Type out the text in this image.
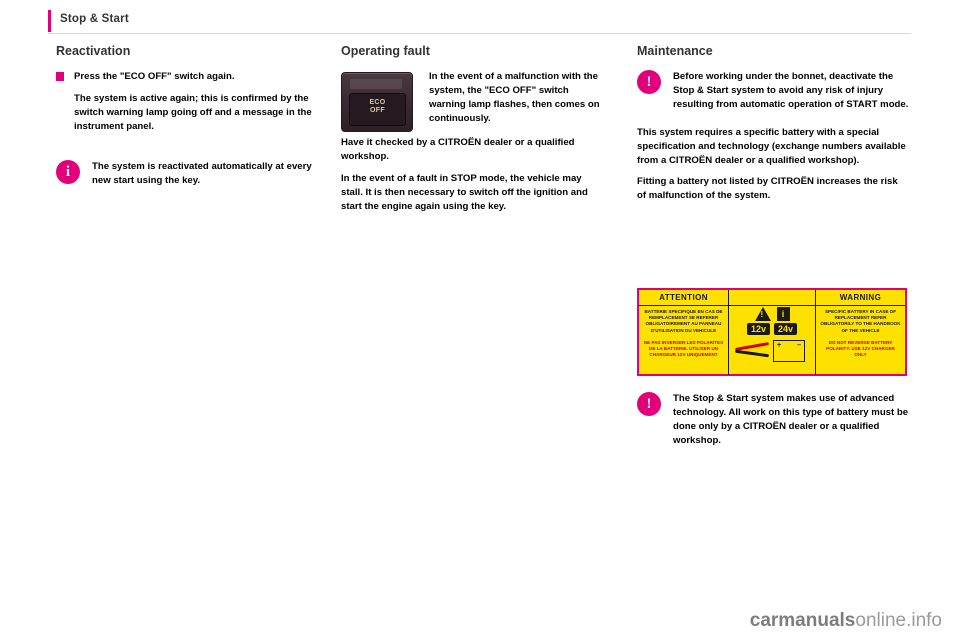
Stop & Start
Reactivation
Press the "ECO OFF" switch again.
The system is active again; this is confirmed by the switch warning lamp going off and a message in the instrument panel.
i	The system is reactivated automatically at every new start using the key.
Operating fault
ECO
OFF
In the event of a malfunction with the system, the "ECO OFF" switch warning lamp flashes, then comes on continuously.
Have it checked by a CITROËN dealer or a qualified workshop.
In the event of a fault in STOP mode, the vehicle may stall. It is then necessary to switch off the ignition and start the engine again using the key.
Maintenance
!	Before working under the bonnet, deactivate the Stop & Start system to avoid any risk of injury resulting from automatic operation of START mode.
This system requires a specific battery with a special specification and technology (exchange numbers available from a CITROËN dealer or a qualified workshop).
Fitting a battery not listed by CITROËN increases the risk of malfunction of the system.
ATTENTION	WARNING
BATTERIE SPECIFIQUE EN CAS DE REMPLACEMENT SE REFERER OBLIGATOIREMENT AU PANNEAU D'UTILISATION DU VEHICULE
NE PAS INVERSER LES POLARITES DE LA BATTERIE. UTILISER UN CHARGEUR 12V UNIQUEMENT
!
i
12v	24v
+ –
SPECIFIC BATTERY IN CASE OF REPLACEMENT REFER OBLIGATORILY TO THE HANDBOOK OF THE VEHICLE
DO NOT REVERSE BATTERY POLARITY. USE 12V CHARGER ONLY
!	The Stop & Start system makes use of advanced technology. All work on this type of battery must be done only by a CITROËN dealer or a qualified workshop.
carmanualsonline.info
